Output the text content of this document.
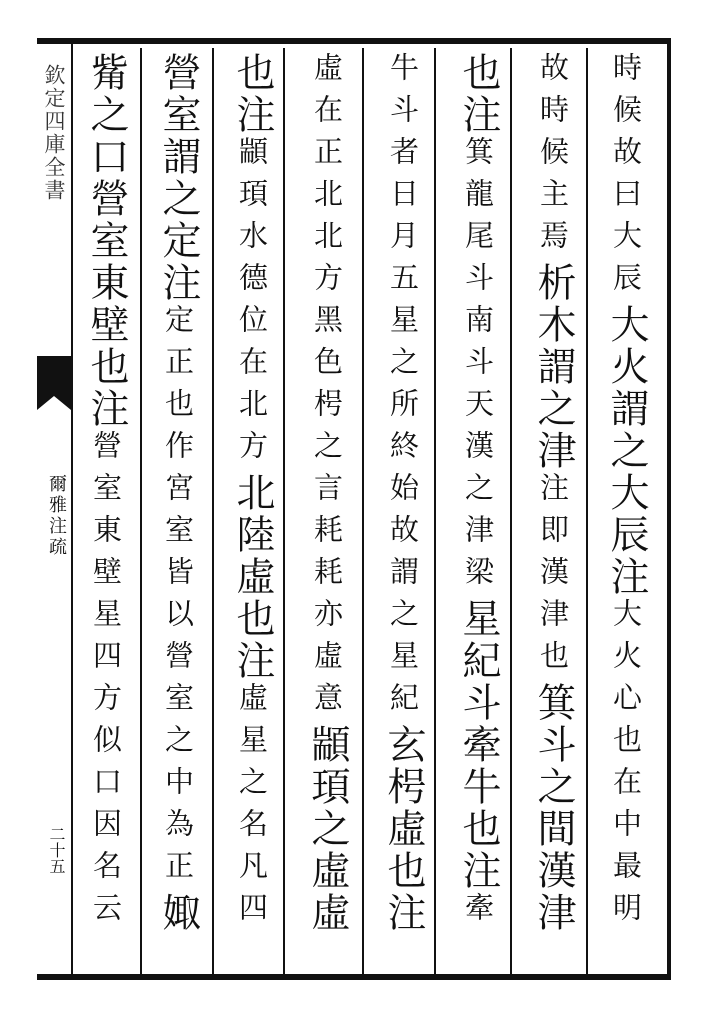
欽定四庫全書
爾雅注疏
二十五
時候故曰大辰大火謂之大辰注大火心也在中最明
故時候主焉析木謂之津注即漢津也箕斗之間漢津
也注箕龍尾斗南斗天漢之津梁星紀斗牽牛也注牽
牛斗者日月五星之所終始故謂之星紀玄枵虛也注
虛在正北北方黑色枵之言耗耗亦虛意顓頊之虛虛
也注顓頊水德位在北方北陸虛也注虛星之名凡四
營室謂之定注定正也作宮室皆以營室之中為正娵
觜之口營室東壁也注營室東壁星四方似口因名云
